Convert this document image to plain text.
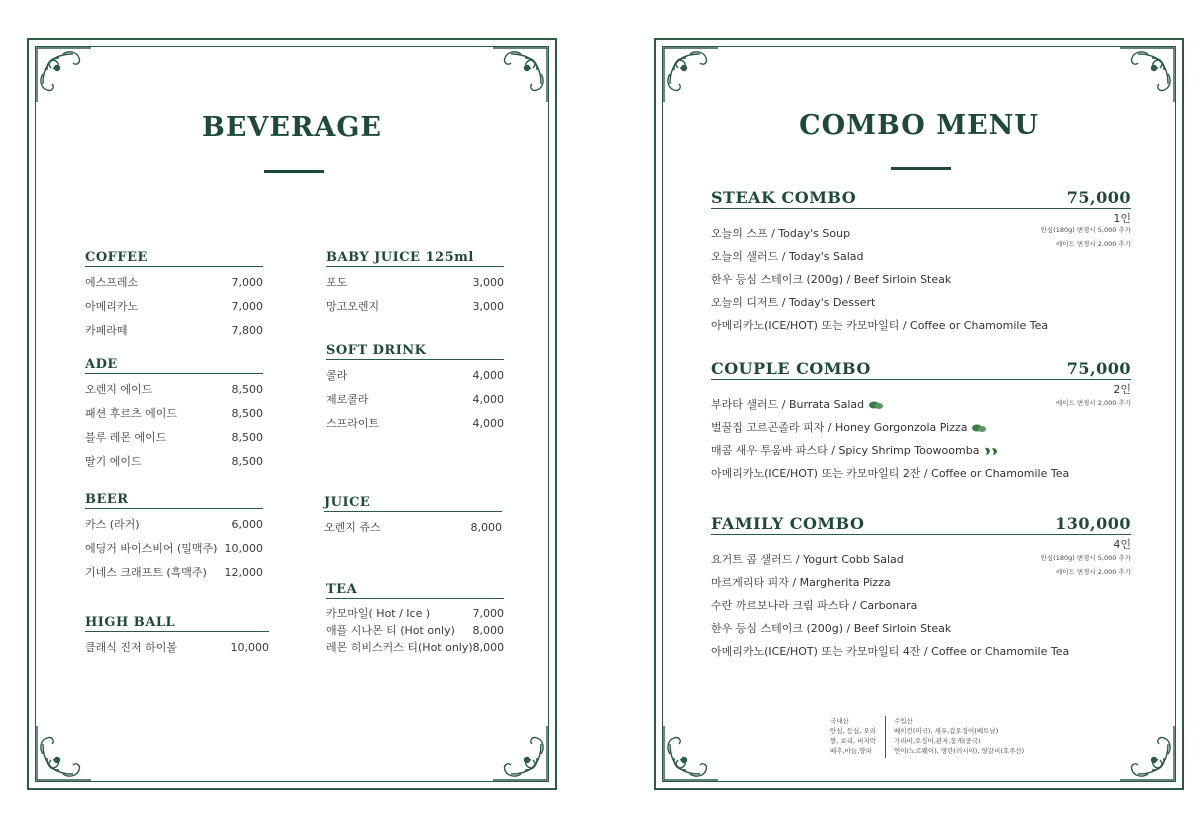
BEVERAGE
COFFEE
에스프레소	7,000
아메리카노	7,000
카페라떼	7,800
ADE
오렌지 에이드	8,500
패션 후르츠 에이드	8,500
블루 레몬 에이드	8,500
딸기 에이드	8,500
BEER
카스 (라거)	6,000
에딩거 바이스비어 (밀맥주) 10,000
기네스 크래프트 (흑맥주) 12,000
HIGH BALL
클래식 진저 하이볼	10,000
BABY JUICE 125ml
포도	3,000
망고오렌지	3,000
SOFT DRINK
콜라	4,000
제로콜라	4,000
스프라이트	4,000
JUICE
오렌지 쥬스	8,000
TEA
카모마일( Hot / Ice )	7,000
애플 시나몬 티 (Hot only) 8,000
레몬 히비스커스 티(Hot only) 8,000
COMBO MENU
STEAK COMBO	75,000
1인
안심(180g) 변경시 5,000 추가
에이드 변경시 2,000 추가
오늘의 스프 / Today's Soup
오늘의 샐러드 / Today's Salad
한우 등심 스테이크 (200g) / Beef Sirloin Steak
오늘의 디저트 / Today's Dessert
아메리카노(ICE/HOT) 또는 카모마일티 / Coffee or Chamomile Tea
COUPLE COMBO	75,000
2인
에이드 변경시 2,000 추가
부라타 샐러드 / Burrata Salad
벌꿀집 고르곤졸라 피자 / Honey Gorgonzola Pizza
매콤 새우 투움바 파스타 / Spicy Shrimp Toowoomba
아메리카노(ICE/HOT) 또는 카모마일티 2잔 / Coffee or Chamomile Tea
FAMILY COMBO	130,000
4인
안심(180g) 변경시 5,000 추가
에이드 변경시 2,000 추가
요거트 콥 샐러드 / Yogurt Cobb Salad
마르게리타 피자 / Margherita Pizza
수란 까르보나라 크림 파스타 / Carbonara
한우 등심 스테이크 (200g) / Beef Sirloin Steak
아메리카노(ICE/HOT) 또는 카모마일티 4잔 / Coffee or Chamomile Tea
국내산
안심, 등심, 오리
쌀, 보리, 버지락
배추,마늘,양파
수입산
베이컨(미국), 새우,갑오징어(베트남)
가리비,오징어,관자,꽃게(중국)
연어(노르웨이), 명란(러시아), 양갈비(호주산)
